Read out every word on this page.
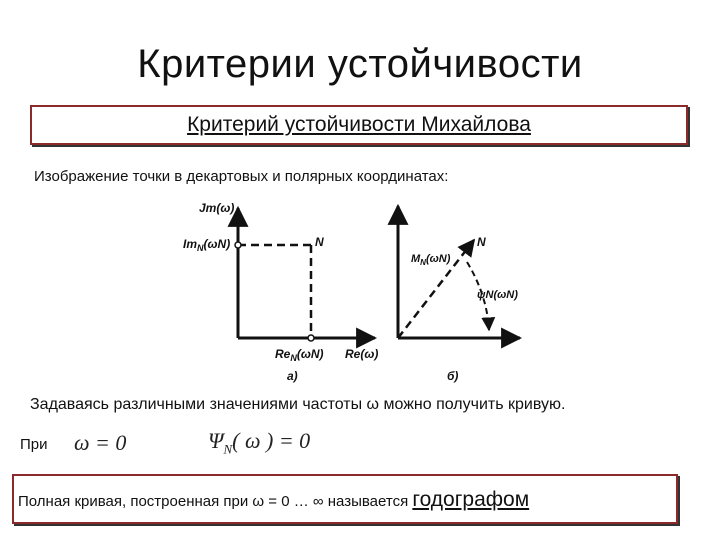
Критерии устойчивости
Критерий устойчивости Михайлова
Изображение точки в декартовых и полярных координатах:
Jm(ω)
$Im_N(\omega N)$	N
$Re_N(\omega N)$ Re(ω)
а)
N
$M_N(\omega N)$
ψN(ωN)
б)
Задаваясь различными значениями частоты ω можно получить кривую.
При ω = 0	$\Psi_N$( ω ) = 0
Полная кривая, построенная при ω = 0 … ∞ называется годографом
